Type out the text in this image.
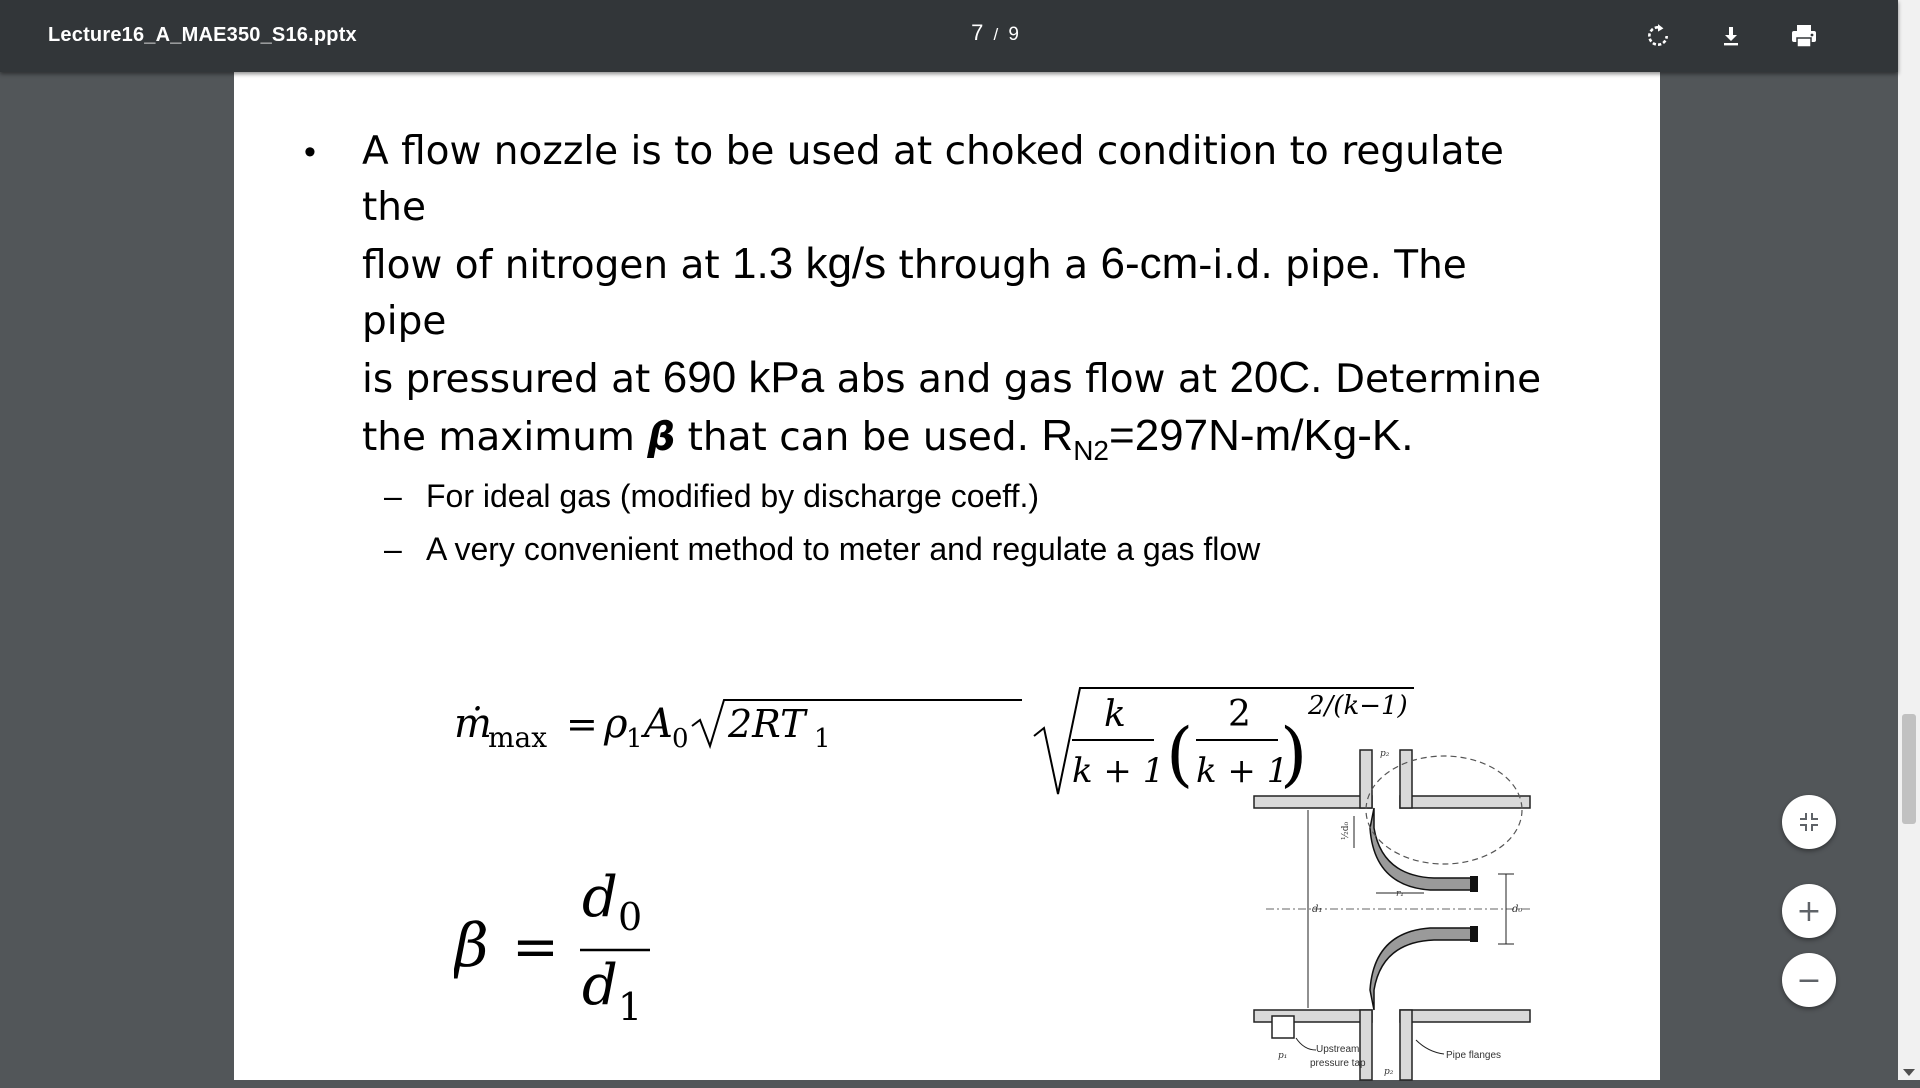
Lecture16_A_MAE350_S16.pptx	7 / 9
• A flow nozzle is to be used at choked condition to regulate the
flow of nitrogen at 1.3 kg/s through a 6-cm-i.d. pipe. The pipe
is pressured at 690 kPa abs and gas flow at 20C. Determine
the maximum β that can be used. $R_{N2}=297N-m/Kg-K$.
– For ideal gas (modified by discharge coeff.)
– A very convenient method to meter and regulate a gas flow
ṁ
max = ρ
1 A 0 2RT 1
k
k + 1 ( 2
k + 1
)
2/(k−1)
β =
d 0
d 1
d₁	d₀
½d₀
r₁
p₂
p₁
p₂
Upstream
pressure tap
Pipe flanges
+
−
